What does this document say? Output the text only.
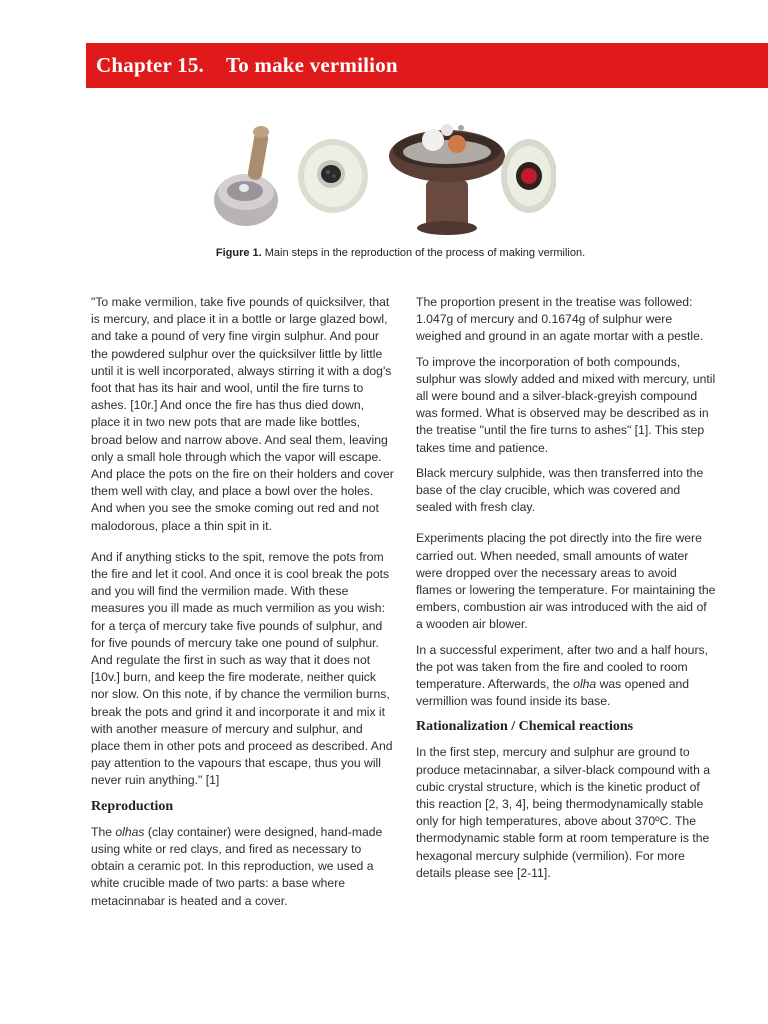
Chapter 15. To make vermilion
Figure 1. Main steps in the reproduction of the process of making vermilion.

"To make vermilion, take five pounds of quicksilver, that is mercury, and place it in a bottle or large glazed bowl, and take a pound of very fine virgin sulphur. And pour the powdered sulphur over the quicksilver little by little until it is well incorporated, always stirring it with a dog's foot that has its hair and wool, until the fire turns to ashes. [10r.] And once the fire has thus died down, place it in two new pots that are made like bottles, broad below and narrow above. And seal them, leaving only a small hole through which the vapor will escape. And place the pots on the fire on their holders and cover them well with clay, and place a bowl over the holes. And when you see the smoke coming out red and not malodorous, place a thin spit in it.

And if anything sticks to the spit, remove the pots from the fire and let it cool. And once it is cool break the pots and you will find the vermilion made. With these measures you ill made as much vermilion as you wish: for a terça of mercury take five pounds of sulphur, and for five pounds of mercury take one pound of sulphur. And regulate the first in such as way that it does not [10v.] burn, and keep the fire moderate, neither quick nor slow. On this note, if by chance the vermilion burns, break the pots and grind it and incorporate it and mix it with another measure of mercury and sulphur, and place them in other pots and proceed as described. And pay attention to the vapours that escape, thus you will never ruin anything." [1]

Reproduction

The olhas (clay container) were designed, hand-made using white or red clays, and fired as necessary to obtain a ceramic pot. In this reproduction, we used a white crucible made of two parts: a base where metacinnabar is heated and a cover.

The proportion present in the treatise was followed: 1.047g of mercury and 0.1674g of sulphur were weighed and ground in an agate mortar with a pestle.

To improve the incorporation of both compounds, sulphur was slowly added and mixed with mercury, until all were bound and a silver-black-greyish compound was formed. What is observed may be described as in the treatise "until the fire turns to ashes" [1]. This step takes time and patience.

Black mercury sulphide, was then transferred into the base of the clay crucible, which was covered and sealed with fresh clay.

Experiments placing the pot directly into the fire were carried out. When needed, small amounts of water were dropped over the necessary areas to avoid flames or lowering the temperature. For maintaining the embers, combustion air was introduced with the aid of a wooden air blower.

In a successful experiment, after two and a half hours, the pot was taken from the fire and cooled to room temperature. Afterwards, the olha was opened and vermillion was found inside its base.

Rationalization / Chemical reactions

In the first step, mercury and sulphur are ground to produce metacinnabar, a silver-black compound with a cubic crystal structure, which is the kinetic product of this reaction [2, 3, 4], being thermodynamically stable only for high temperatures, above about 370ºC. The thermodynamic stable form at room temperature is the hexagonal mercury sulphide (vermilion). For more details please see [2-11].
